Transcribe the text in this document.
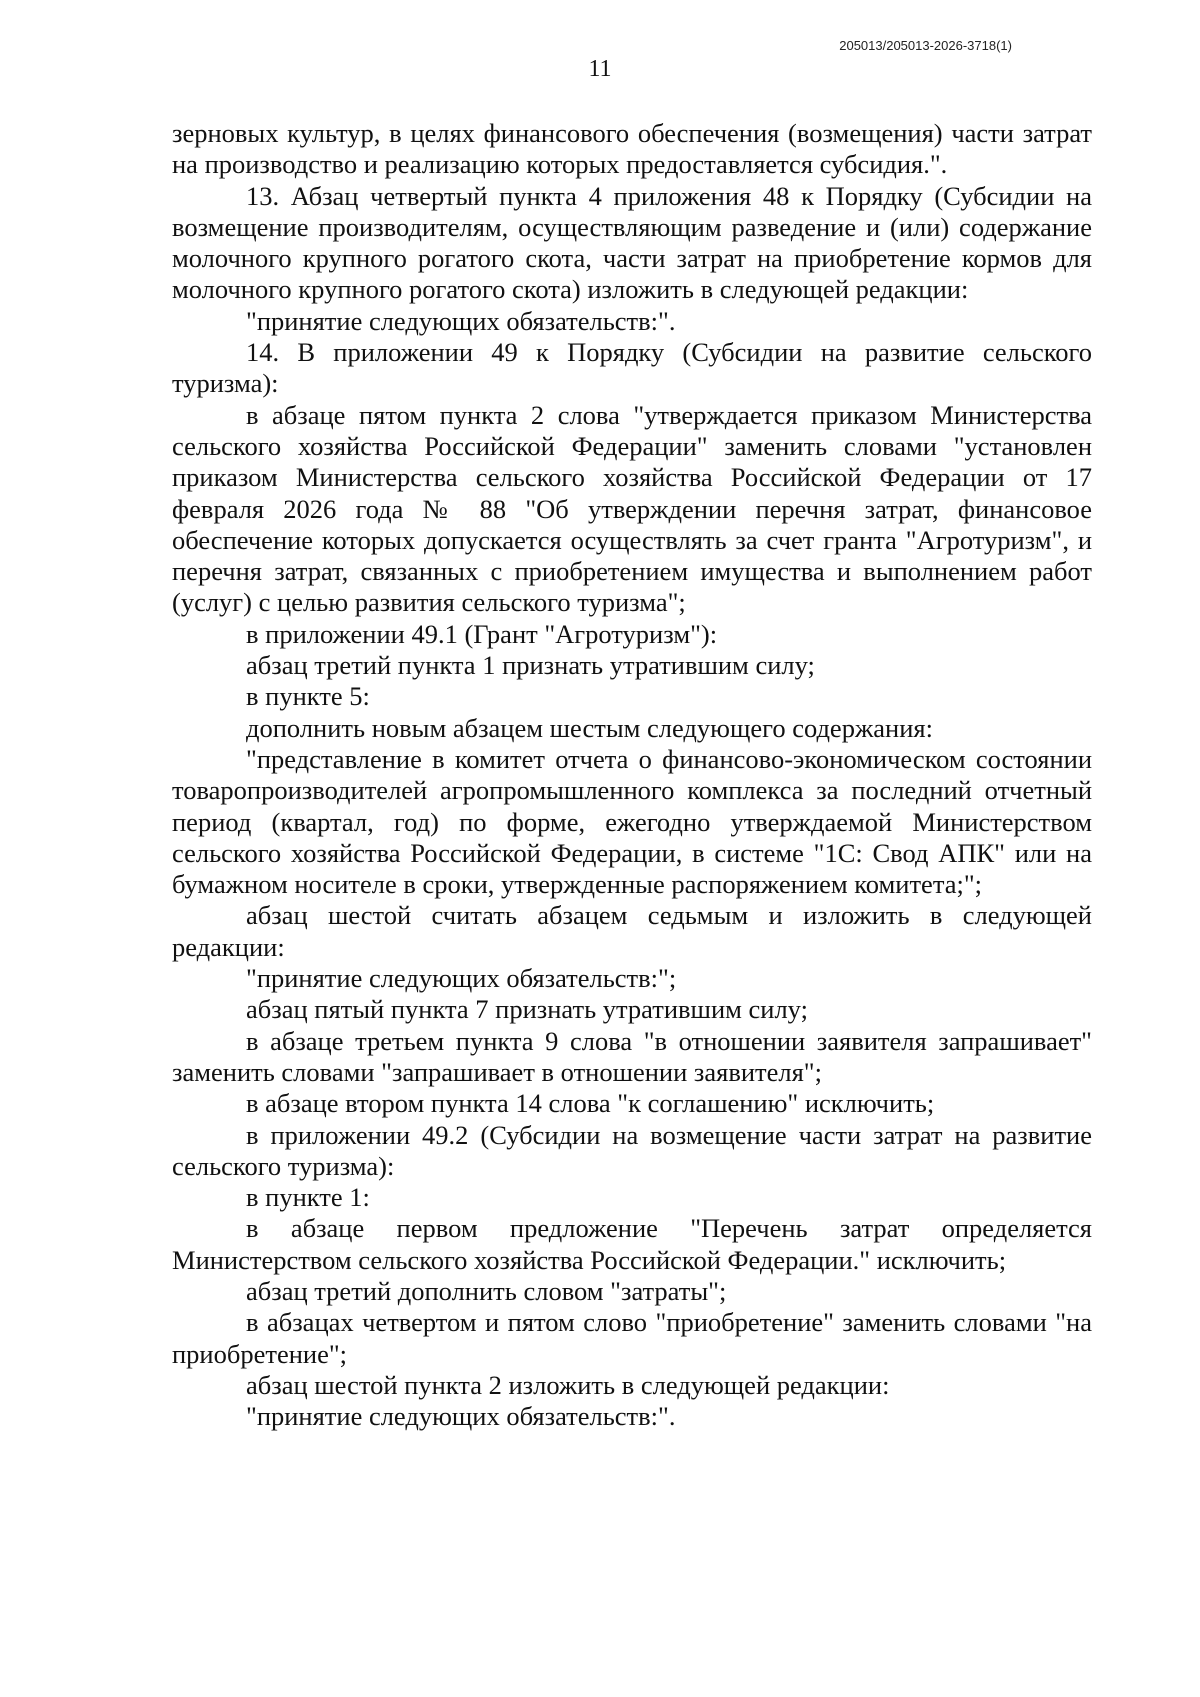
205013/205013-2026-3718(1)
11

зерновых культур, в целях финансового обеспечения (возмещения) части затрат на производство и реализацию которых предоставляется субсидия.".

13. Абзац четвертый пункта 4 приложения 48 к Порядку (Субсидии на возмещение производителям, осуществляющим разведение и (или) содержание молочного крупного рогатого скота, части затрат на приобретение кормов для молочного крупного рогатого скота) изложить в следующей редакции:

"принятие следующих обязательств:".

14. В приложении 49 к Порядку (Субсидии на развитие сельского туризма):

в абзаце пятом пункта 2 слова "утверждается приказом Министерства сельского хозяйства Российской Федерации" заменить словами "установлен приказом Министерства сельского хозяйства Российской Федерации от 17 февраля 2026 года № 88 "Об утверждении перечня затрат, финансовое обеспечение которых допускается осуществлять за счет гранта "Агротуризм", и перечня затрат, связанных с приобретением имущества и выполнением работ (услуг) с целью развития сельского туризма";

в приложении 49.1 (Грант "Агротуризм"):

абзац третий пункта 1 признать утратившим силу;

в пункте 5:

дополнить новым абзацем шестым следующего содержания:

"представление в комитет отчета о финансово-экономическом состоянии товаропроизводителей агропромышленного комплекса за последний отчетный период (квартал, год) по форме, ежегодно утверждаемой Министерством сельского хозяйства Российской Федерации, в системе "1С: Свод АПК" или на бумажном носителе в сроки, утвержденные распоряжением комитета;";

абзац шестой считать абзацем седьмым и изложить в следующей редакции:

"принятие следующих обязательств:";

абзац пятый пункта 7 признать утратившим силу;

в абзаце третьем пункта 9 слова "в отношении заявителя запрашивает" заменить словами "запрашивает в отношении заявителя";

в абзаце втором пункта 14 слова "к соглашению" исключить;

в приложении 49.2 (Субсидии на возмещение части затрат на развитие сельского туризма):

в пункте 1:

в абзаце первом предложение "Перечень затрат определяется Министерством сельского хозяйства Российской Федерации." исключить;

абзац третий дополнить словом "затраты";

в абзацах четвертом и пятом слово "приобретение" заменить словами "на приобретение";

абзац шестой пункта 2 изложить в следующей редакции:

"принятие следующих обязательств:".
